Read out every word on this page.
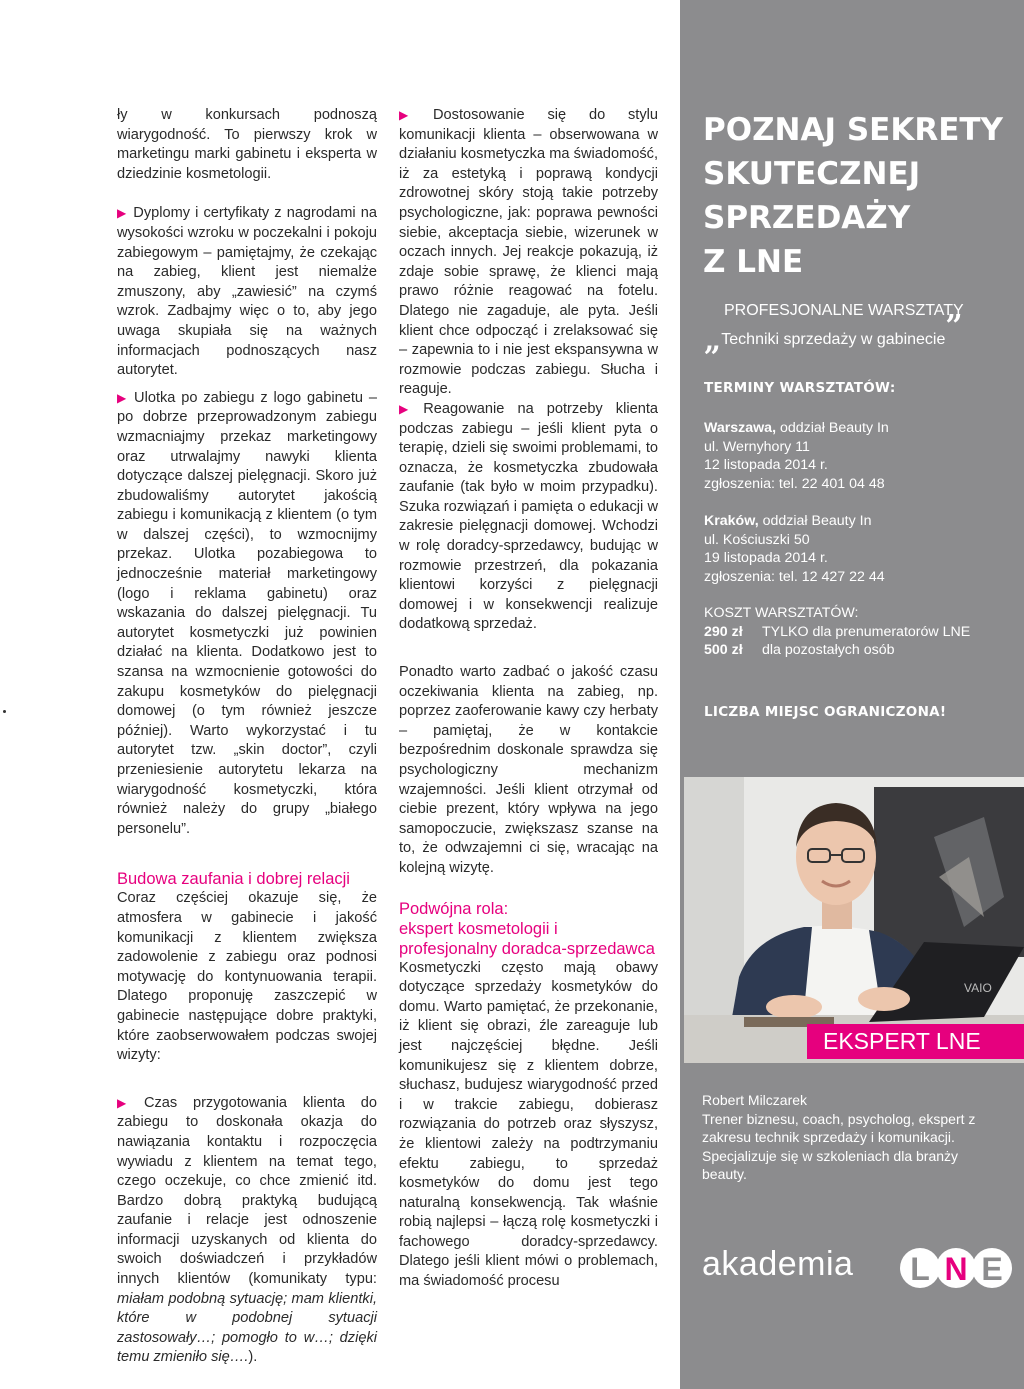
ły w konkursach podnoszą wiarygodność. To pierwszy krok w marketingu marki gabinetu i eksperta w dziedzinie kosmetologii.

▶ Dyplomy i certyfikaty z nagrodami na wysokości wzroku w poczekalni i pokoju zabiegowym – pamiętajmy, że czekając na zabieg, klient jest niemalże zmuszony, aby „zawiesić” na czymś wzrok. Zadbajmy więc o to, aby jego uwaga skupiała się na ważnych informacjach podnoszących nasz autorytet.

▶ Ulotka po zabiegu z logo gabinetu – po dobrze przeprowadzonym zabiegu wzmacniajmy przekaz marketingowy oraz utrwalajmy nawyki klienta dotyczące dalszej pielęgnacji. Skoro już zbudowaliśmy autorytet jakością zabiegu i komunikacją z klientem (o tym w dalszej części), to wzmocnijmy przekaz. Ulotka pozabiegowa to jednocześnie materiał marketingowy (logo i reklama gabinetu) oraz wskazania do dalszej pielęgnacji. Tu autorytet kosmetyczki już powinien działać na klienta. Dodatkowo jest to szansa na wzmocnienie gotowości do zakupu kosmetyków do pielęgnacji domowej (o tym również jeszcze później). Warto wykorzystać i tu autorytet tzw. „skin doctor”, czyli przeniesienie autorytetu lekarza na wiarygodność kosmetyczki, która również należy do grupy „białego personelu”.

Budowa zaufania i dobrej relacji

Coraz częściej okazuje się, że atmosfera w gabinecie i jakość komunikacji z klientem zwiększa zadowolenie z zabiegu oraz podnosi motywację do kontynuowania terapii. Dlatego proponuję zaszczepić w gabinecie następujące dobre praktyki, które zaobserwowałem podczas swojej wizyty:

▶ Czas przygotowania klienta do zabiegu to doskonała okazja do nawiązania kontaktu i rozpoczęcia wywiadu z klientem na temat tego, czego oczekuje, co chce zmienić itd. Bardzo dobrą praktyką budującą zaufanie i relacje jest odnoszenie informacji uzyskanych od klienta do swoich doświadczeń i przykładów innych klientów (komunikaty typu: miałam podobną sytuację; mam klientki, które w podobnej sytuacji zastosowały…; pomogło to w…; dzięki temu zmieniło się….).

▶ Dostosowanie się do stylu komunikacji klienta – obserwowana w działaniu kosmetyczka ma świadomość, iż za estetyką i poprawą kondycji zdrowotnej skóry stoją takie potrzeby psychologiczne, jak: poprawa pewności siebie, akceptacja siebie, wizerunek w oczach innych. Jej reakcje pokazują, iż zdaje sobie sprawę, że klienci mają prawo różnie reagować na fotelu. Dlatego nie zagaduje, ale pyta. Jeśli klient chce odpocząć i zrelaksować się – zapewnia to i nie jest ekspansywna w rozmowie podczas zabiegu. Słucha i reaguje.

▶ Reagowanie na potrzeby klienta podczas zabiegu – jeśli klient pyta o terapię, dzieli się swoimi problemami, to oznacza, że kosmetyczka zbudowała zaufanie (tak było w moim przypadku). Szuka rozwiązań i pamięta o edukacji w zakresie pielęgnacji domowej. Wchodzi w rolę doradcy-sprzedawcy, budując w rozmowie przestrzeń, dla pokazania klientowi korzyści z pielęgnacji domowej i w konsekwencji realizuje dodatkową sprzedaż.

Ponadto warto zadbać o jakość czasu oczekiwania klienta na zabieg, np. poprzez zaoferowanie kawy czy herbaty – pamiętaj, że w kontakcie bezpośrednim doskonale sprawdza się psychologiczny mechanizm wzajemności. Jeśli klient otrzymał od ciebie prezent, który wpływa na jego samopoczucie, zwiększasz szanse na to, że odwzajemni ci się, wracając na kolejną wizytę.

Podwójna rola:
ekspert kosmetologii i profesjonalny doradca-sprzedawca

Kosmetyczki często mają obawy dotyczące sprzedaży kosmetyków do domu. Warto pamiętać, że przekonanie, iż klient się obrazi, źle zareaguje lub jest najczęściej błędne. Jeśli komunikujesz się z klientem dobrze, słuchasz, budujesz wiarygodność przed i w trakcie zabiegu, dobierasz rozwiązania do potrzeb oraz słyszysz, że klientowi zależy na podtrzymaniu efektu zabiegu, to sprzedaż kosmetyków do domu jest tego naturalną konsekwencją. Tak właśnie robią najlepsi – łączą rolę kosmetyczki i fachowego doradcy-sprzedawcy. Dlatego jeśli klient mówi o problemach, ma świadomość procesu

POZNAJ SEKRETY
SKUTECZNEJ
SPRZEDAŻY
Z LNE
PROFESJONALNE WARSZTATY
„Techniki sprzedaży w gabinecie”
TERMINY WARSZTATÓW:
Warszawa, oddział Beauty In
ul. Wernyhory 11
12 listopada 2014 r.
zgłoszenia: tel. 22 401 04 48
Kraków, oddział Beauty In
ul. Kościuszki 50
19 listopada 2014 r.
zgłoszenia: tel. 12 427 22 44
KOSZT WARSZTATÓW:
290 zł	TYLKO dla prenumeratorów LNE
500 zł	dla pozostałych osób
LICZBA MIEJSC OGRANICZONA!
Robert Milczarek
Trener biznesu, coach, psycholog, ekspert z zakresu technik sprzedaży i komunikacji. Specjalizuje się w szkoleniach dla branży beauty.
akademia L N E
VAIO
EKSPERT LNE
